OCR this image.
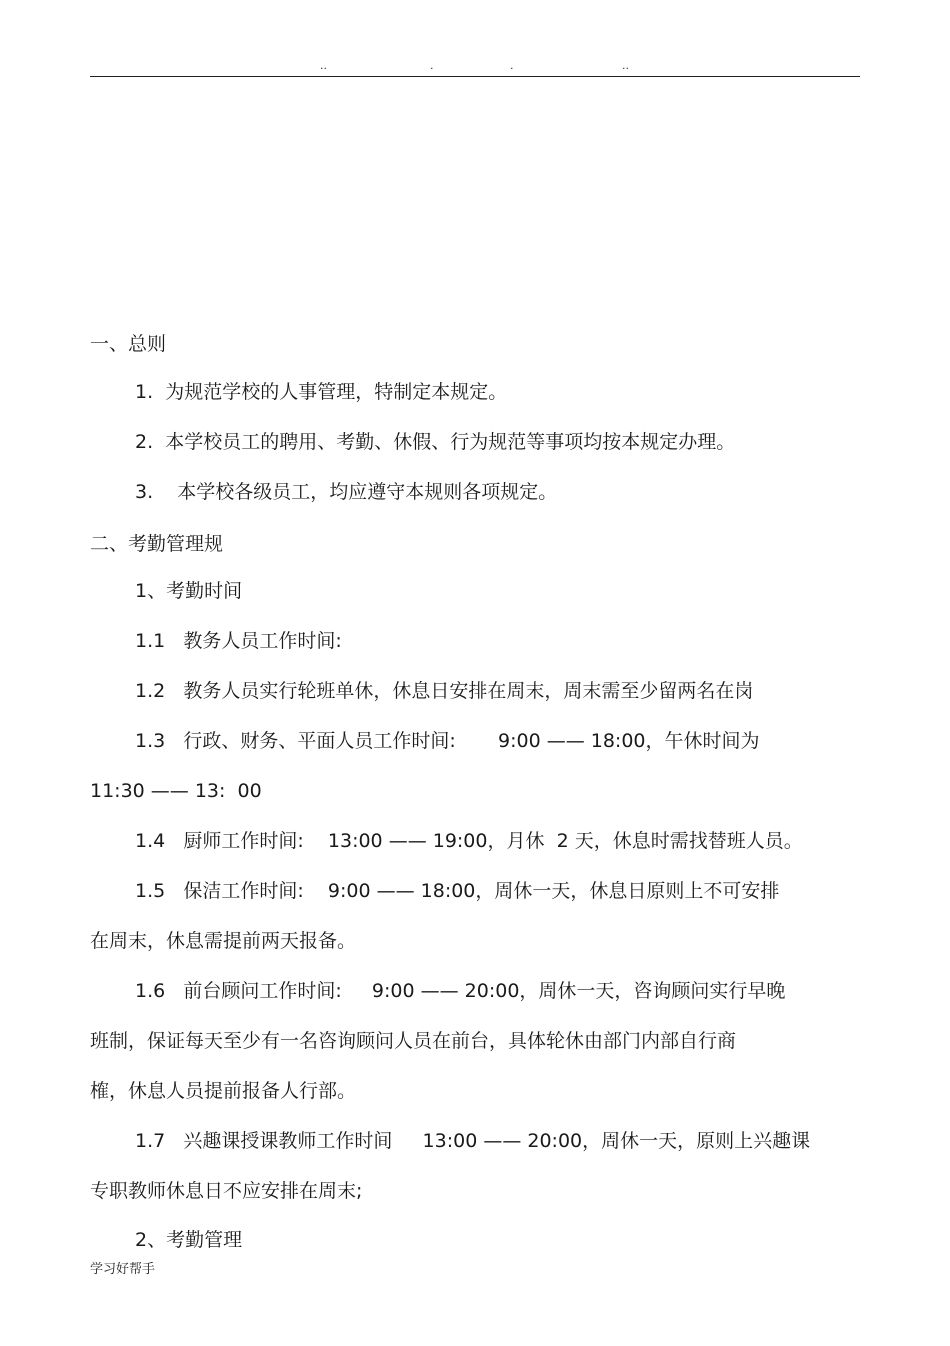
..	.	.	..
一、总则
1.  为规范学校的人事管理，特制定本规定。
2.  本学校员工的聘用、考勤、休假、行为规范等事项均按本规定办理。
3.    本学校各级员工，均应遵守本规则各项规定。
二、考勤管理规
1、考勤时间
1.1   教务人员工作时间:
1.2   教务人员实行轮班单休，休息日安排在周末，周末需至少留两名在岗
1.3   行政、财务、平面人员工作时间:       9:00 —— 18:00，午休时间为
11:30 —— 13:  00
1.4   厨师工作时间:    13:00 —— 19:00，月休  2 天，休息时需找替班人员。
1.5   保洁工作时间:    9:00 —— 18:00，周休一天，休息日原则上不可安排
在周末，休息需提前两天报备。
1.6   前台顾问工作时间:     9:00 —— 20:00，周休一天，咨询顾问实行早晚
班制，保证每天至少有一名咨询顾问人员在前台，具体轮休由部门内部自行商
榷，休息人员提前报备人行部。
1.7   兴趣课授课教师工作时间     13:00 —— 20:00，周休一天，原则上兴趣课
专职教师休息日不应安排在周末;
2、考勤管理
学习好帮手
